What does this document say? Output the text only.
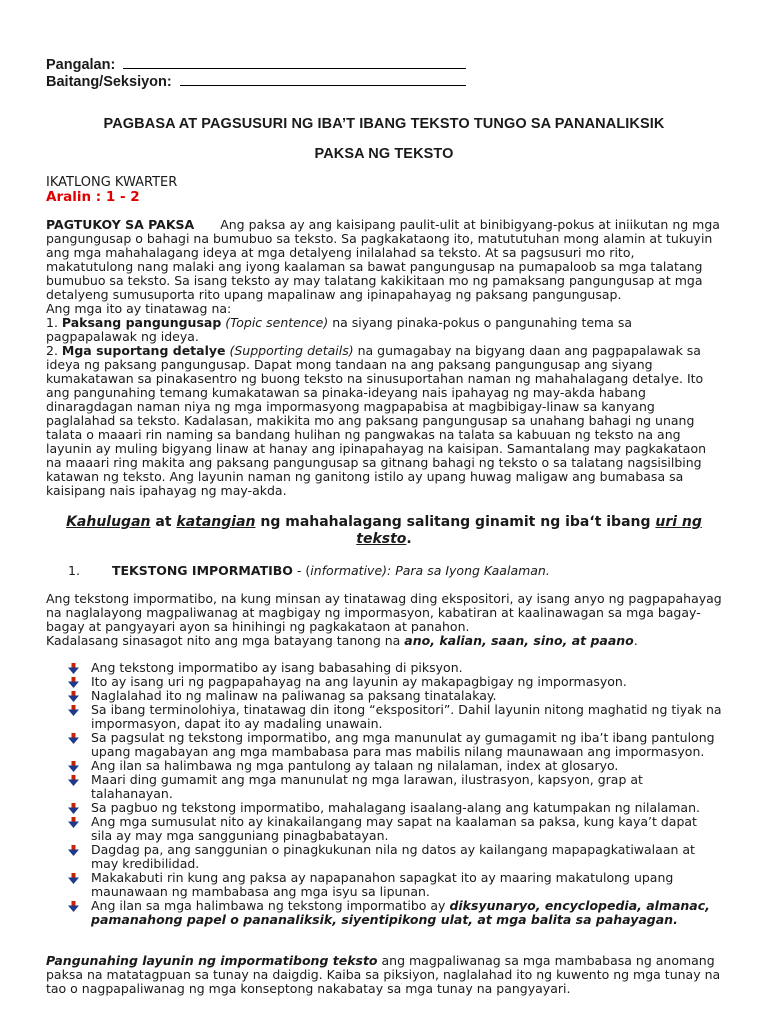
Pangalan:
Baitang/Seksiyon:
PAGBASA AT PAGSUSURI NG IBA’T IBANG TEKSTO TUNGO SA PANANALIKSIK
PAKSA NG TEKSTO
IKATLONG KWARTER
Aralin : 1 - 2

PAGTUKOY SA PAKSA Ang paksa ay ang kaisipang paulit-ulit at binibigyang-pokus at iniikutan ng mga pangungusap o bahagi na bumubuo sa teksto. Sa pagkakataong ito, matututuhan mong alamin at tukuyin ang mga mahahalagang ideya at mga detalyeng inilalahad sa teksto. At sa pagsusuri mo rito, makatutulong nang malaki ang iyong kaalaman sa bawat pangungusap na pumapaloob sa mga talatang bumubuo sa teksto. Sa isang teksto ay may talatang kakikitaan mo ng pamaksang pangungusap at mga detalyeng sumusuporta rito upang mapalinaw ang ipinapahayag ng paksang pangungusap.

Ang mga ito ay tinatawag na:

1. Paksang pangungusap (Topic sentence) na siyang pinaka-pokus o pangunahing tema sa pagpapalawak ng ideya.

2. Mga suportang detalye (Supporting details) na gumagabay na bigyang daan ang pagpapalawak sa ideya ng paksang pangungusap. Dapat mong tandaan na ang paksang pangungusap ang siyang kumakatawan sa pinakasentro ng buong teksto na sinusuportahan naman ng mahahalagang detalye. Ito ang pangunahing temang kumakatawan sa pinaka-ideyang nais ipahayag ng may-akda habang dinaragdagan naman niya ng mga impormasyong magpapabisa at magbibigay-linaw sa kanyang paglalahad sa teksto. Kadalasan, makikita mo ang paksang pangungusap sa unahang bahagi ng unang talata o maaari rin naming sa bandang hulihan ng pangwakas na talata sa kabuuan ng teksto na ang layunin ay muling bigyang linaw at hanay ang ipinapahayag na kaisipan. Samantalang may pagkakataon na maaari ring makita ang paksang pangungusap sa gitnang bahagi ng teksto o sa talatang nagsisilbing katawan ng teksto. Ang layunin naman ng ganitong istilo ay upang huwag maligaw ang bumabasa sa kaisipang nais ipahayag ng may-akda.

Kahulugan at katangian ng mahahalagang salitang ginamit ng iba‘t ibang uri ng teksto.

1.	TEKSTONG IMPORMATIBO - (informative): Para sa Iyong Kaalaman.

Ang tekstong impormatibo, na kung minsan ay tinatawag ding ekspositori, ay isang anyo ng pagpapahayag na naglalayong magpaliwanag at magbigay ng impormasyon, kabatiran at kaalinawagan sa mga bagay-bagay at pangyayari ayon sa hinihingi ng pagkakataon at panahon.

Kadalasang sinasagot nito ang mga batayang tanong na ano, kalian, saan, sino, at paano.

Ang tekstong impormatibo ay isang babasahing di piksyon.
Ito ay isang uri ng pagpapahayag na ang layunin ay makapagbigay ng impormasyon.
Naglalahad ito ng malinaw na paliwanag sa paksang tinatalakay.
Sa ibang terminolohiya, tinatawag din itong “ekspositori”. Dahil layunin nitong maghatid ng tiyak na impormasyon, dapat ito ay madaling unawain.
Sa pagsulat ng tekstong impormatibo, ang mga manunulat ay gumagamit ng iba’t ibang pantulong upang magabayan ang mga mambabasa para mas mabilis nilang maunawaan ang impormasyon.
Ang ilan sa halimbawa ng mga pantulong ay talaan ng nilalaman, index at glosaryo.
Maari ding gumamit ang mga manunulat ng mga larawan, ilustrasyon, kapsyon, grap at talahanayan.
Sa pagbuo ng tekstong impormatibo, mahalagang isaalang-alang ang katumpakan ng nilalaman.
Ang mga sumusulat nito ay kinakailangang may sapat na kaalaman sa paksa, kung kaya’t dapat sila ay may mga sangguniang pinagbabatayan.
Dagdag pa, ang sanggunian o pinagkukunan nila ng datos ay kailangang mapapagkatiwalaan at may kredibilidad.
Makakabuti rin kung ang paksa ay napapanahon sapagkat ito ay maaring makatulong upang maunawaan ng mambabasa ang mga isyu sa lipunan.
Ang ilan sa mga halimbawa ng tekstong impormatibo ay diksyunaryo, encyclopedia, almanac, pamanahong papel o pananaliksik, siyentipikong ulat, at mga balita sa pahayagan.

Pangunahing layunin ng impormatibong teksto ang magpaliwanag sa mga mambabasa ng anomang paksa na matatagpuan sa tunay na daigdig. Kaiba sa piksiyon, naglalahad ito ng kuwento ng mga tunay na tao o nagpapaliwanag ng mga konseptong nakabatay sa mga tunay na pangyayari.
